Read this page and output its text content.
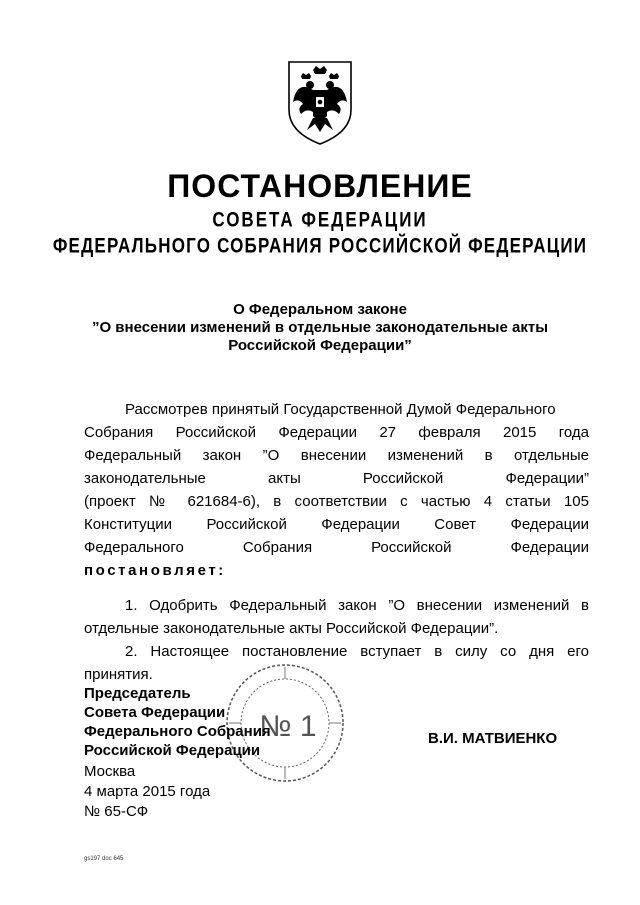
ПОСТАНОВЛЕНИЕ
СОВЕТА ФЕДЕРАЦИИ
ФЕДЕРАЛЬНОГО СОБРАНИЯ РОССИЙСКОЙ ФЕДЕРАЦИИ
О Федеральном законе
”О внесении изменений в отдельные законодательные акты
Российской Федерации”
Рассмотрев принятый Государственной Думой Федерального
Собрания Российской Федерации 27 февраля 2015 года
Федеральный закон ”О внесении изменений в отдельные
законодательные акты Российской Федерации”
(проект № 621684-6), в соответствии с частью 4 статьи 105
Конституции Российской Федерации Совет Федерации
Федерального Собрания Российской Федерации
постановляет:
1. Одобрить Федеральный закон ”О внесении изменений в
отдельные законодательные акты Российской Федерации”.
2. Настоящее постановление вступает в силу со дня его
принятия.
№ 1
Председатель
Совета Федерации
Федерального Собрания
Российской Федерации
В.И. МАТВИЕНКО
Москва
4 марта 2015 года
№ 65-СФ
gs197 doc 645
